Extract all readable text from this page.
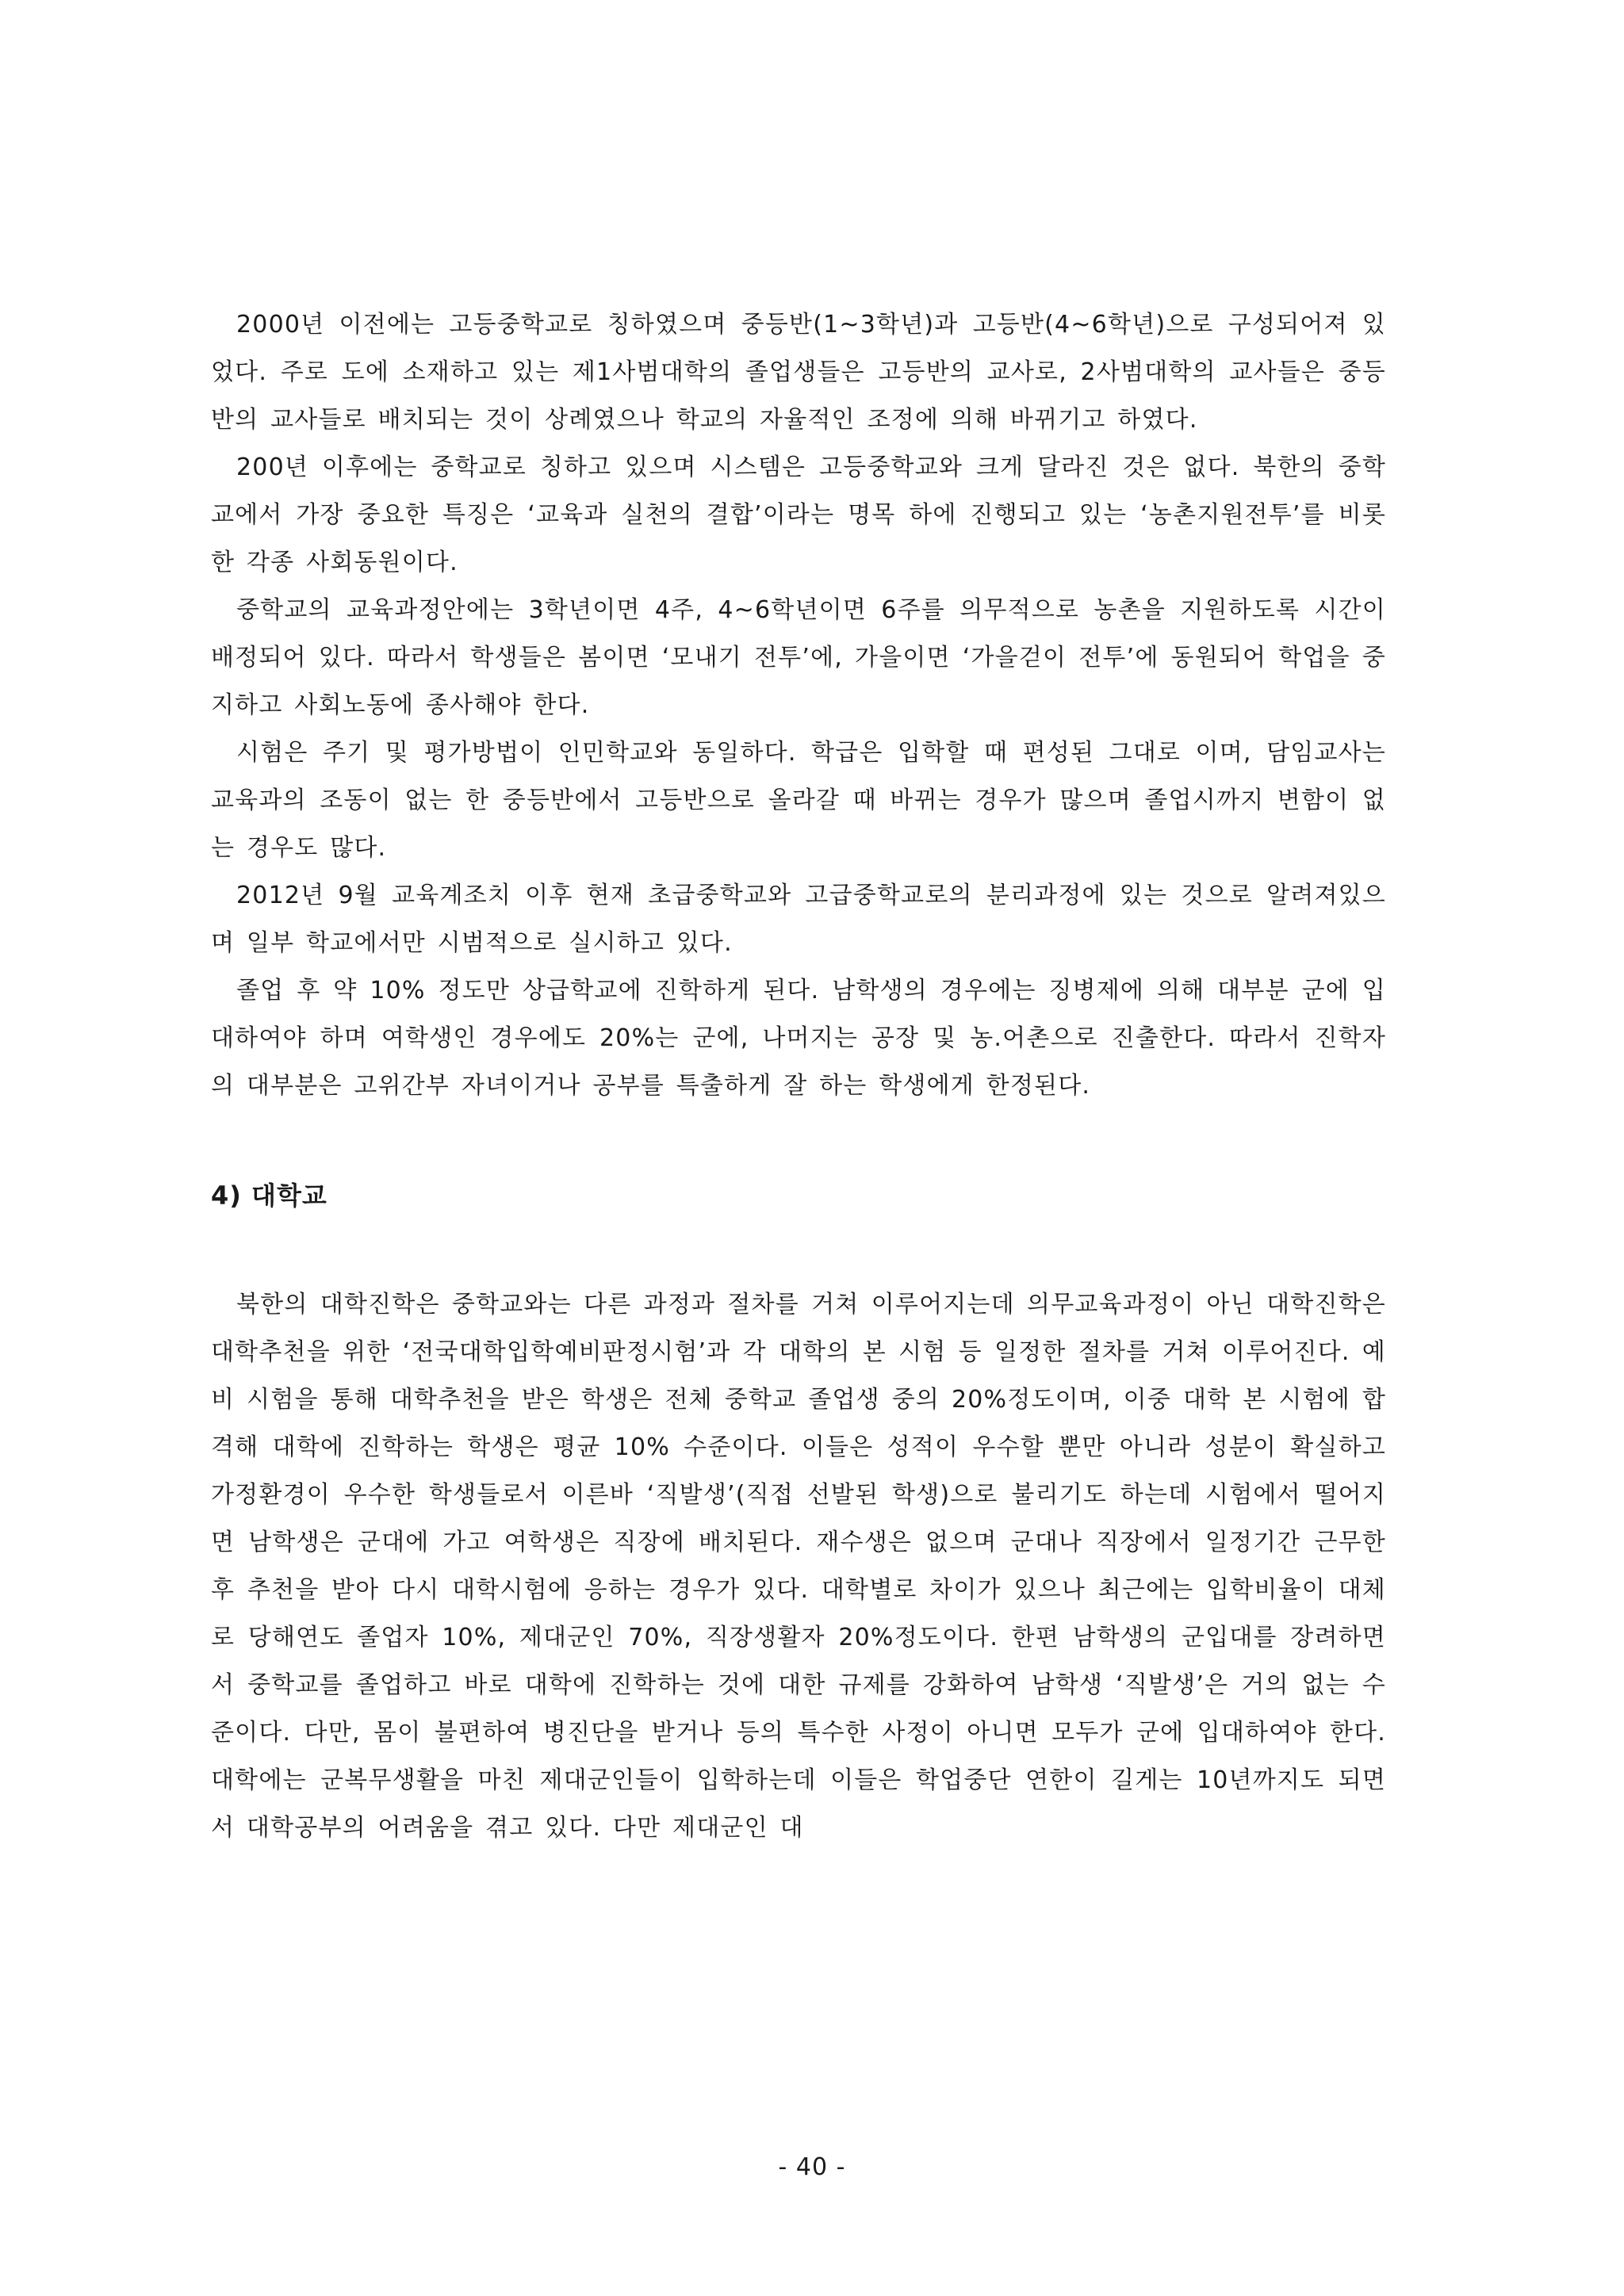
2000년 이전에는 고등중학교로 칭하였으며 중등반(1~3학년)과 고등반(4~6학년)으로 구성되어져 있었다. 주로 도에 소재하고 있는 제1사범대학의 졸업생들은 고등반의 교사로, 2사범대학의 교사들은 중등반의 교사들로 배치되는 것이 상례였으나 학교의 자율적인 조정에 의해 바뀌기고 하였다.

200년 이후에는 중학교로 칭하고 있으며 시스템은 고등중학교와 크게 달라진 것은 없다. 북한의 중학교에서 가장 중요한 특징은 ‘교육과 실천의 결합’이라는 명목 하에 진행되고 있는 ‘농촌지원전투’를 비롯한 각종 사회동원이다.

중학교의 교육과정안에는 3학년이면 4주, 4~6학년이면 6주를 의무적으로 농촌을 지원하도록 시간이 배정되어 있다. 따라서 학생들은 봄이면 ‘모내기 전투’에, 가을이면 ‘가을걷이 전투’에 동원되어 학업을 중지하고 사회노동에 종사해야 한다.

시험은 주기 및 평가방법이 인민학교와 동일하다. 학급은 입학할 때 편성된 그대로 이며, 담임교사는 교육과의 조동이 없는 한 중등반에서 고등반으로 올라갈 때 바뀌는 경우가 많으며 졸업시까지 변함이 없는 경우도 많다.

2012년 9월 교육계조치 이후 현재 초급중학교와 고급중학교로의 분리과정에 있는 것으로 알려져있으며 일부 학교에서만 시범적으로 실시하고 있다.

졸업 후 약 10% 정도만 상급학교에 진학하게 된다. 남학생의 경우에는 징병제에 의해 대부분 군에 입대하여야 하며 여학생인 경우에도 20%는 군에, 나머지는 공장 및 농.어촌으로 진출한다. 따라서 진학자의 대부분은 고위간부 자녀이거나 공부를 특출하게 잘 하는 학생에게 한정된다.

4) 대학교

북한의 대학진학은 중학교와는 다른 과정과 절차를 거쳐 이루어지는데 의무교육과정이 아닌 대학진학은 대학추천을 위한 ‘전국대학입학예비판정시험’과 각 대학의 본 시험 등 일정한 절차를 거쳐 이루어진다. 예비 시험을 통해 대학추천을 받은 학생은 전체 중학교 졸업생 중의 20%정도이며, 이중 대학 본 시험에 합격해 대학에 진학하는 학생은 평균 10% 수준이다. 이들은 성적이 우수할 뿐만 아니라 성분이 확실하고 가정환경이 우수한 학생들로서 이른바 ‘직발생’(직접 선발된 학생)으로 불리기도 하는데 시험에서 떨어지면 남학생은 군대에 가고 여학생은 직장에 배치된다. 재수생은 없으며 군대나 직장에서 일정기간 근무한 후 추천을 받아 다시 대학시험에 응하는 경우가 있다. 대학별로 차이가 있으나 최근에는 입학비율이 대체로 당해연도 졸업자 10%, 제대군인 70%, 직장생활자 20%정도이다. 한편 남학생의 군입대를 장려하면서 중학교를 졸업하고 바로 대학에 진학하는 것에 대한 규제를 강화하여 남학생 ‘직발생’은 거의 없는 수준이다. 다만, 몸이 불편하여 병진단을 받거나 등의 특수한 사정이 아니면 모두가 군에 입대하여야 한다. 대학에는 군복무생활을 마친 제대군인들이 입학하는데 이들은 학업중단 연한이 길게는 10년까지도 되면서 대학공부의 어려움을 겪고 있다. 다만 제대군인 대

- 40 -
